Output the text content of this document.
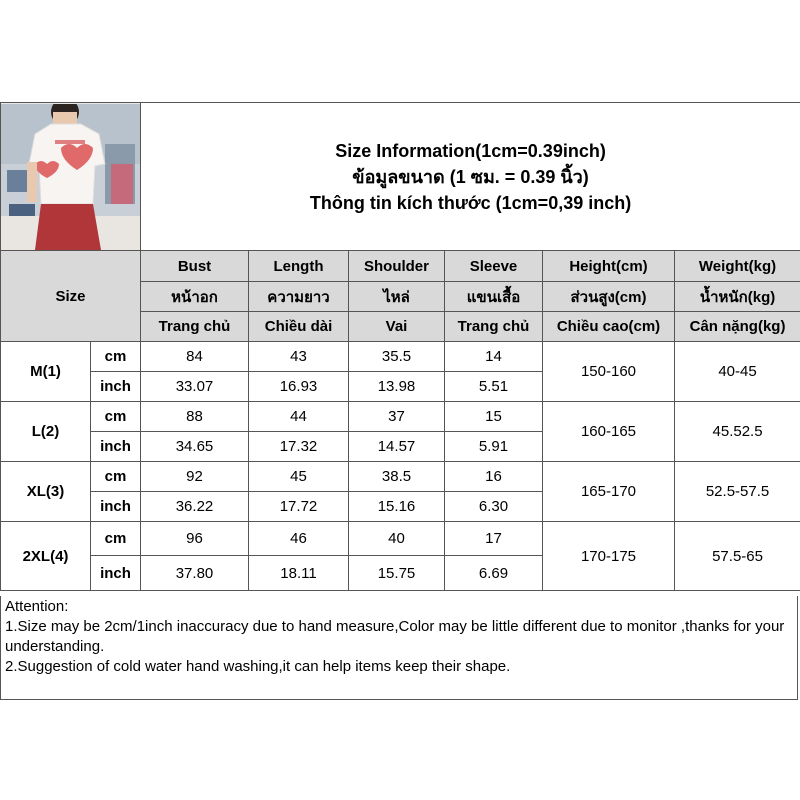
Size Information(1cm=0.39inch)
ข้อมูลขนาด (1 ซม. = 0.39 นิ้ว)
Thông tin kích thước (1cm=0,39 inch)					

Size		Bust	Length	Shoulder	Sleeve	Height(cm)	Weight(kg)
		หน้าอก	ความยาว	ไหล่	แขนเสื้อ	ส่วนสูง(cm)	น้ำหนัก(kg)
		Trang chủ	Chiều dài	Vai	Trang chủ	Chiều cao(cm)	Cân nặng(kg)
M(1)	cm	84	43	35.5	14	150-160	40-45
	inch	33.07	16.93	13.98	5.51		
L(2)	cm	88	44	37	15	160-165	45.52.5
	inch	34.65	17.32	14.57	5.91		
XL(3)	cm	92	45	38.5	16	165-170	52.5-57.5
	inch	36.22	17.72	15.16	6.30		
2XL(4)	cm	96	46	40	17	170-175	57.5-65
	inch	37.80	18.11	15.75	6.69		
Attention:
1.Size may be 2cm/1inch inaccuracy due to hand measure,Color may be little different due to monitor ,thanks for your understanding.
2.Suggestion of cold water hand washing,it can help items keep their shape.
